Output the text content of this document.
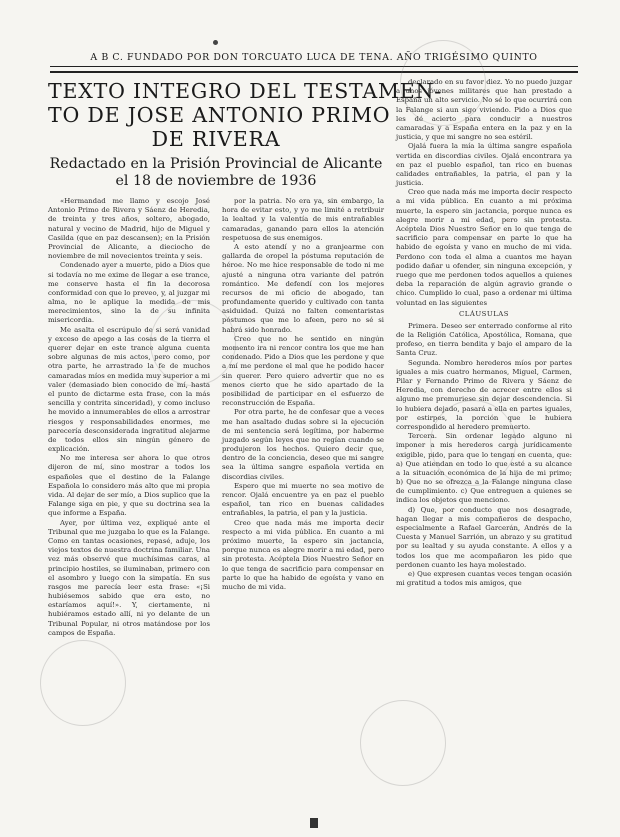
A B C. FUNDADO POR DON TORCUATO LUCA DE TENA. AÑO TRIGÉSIMO QUINTO
TEXTO INTEGRO DEL TESTAMEN-
TO DE JOSE ANTONIO PRIMO
DE RIVERA
Redactado en la Prisión Provincial de Alicante
el 18 de noviembre de 1936

«Hermandad me llamo y escojo José Antonio Primo de Rivera y Sáenz de Heredia, de treinta y tres años, soltero, abogado, natural y vecino de Madrid, hijo de Miguel y Casilda (que en paz descansen); en la Prisión Provincial de Alicante, a dieciocho de noviembre de mil novecientos treinta y seis.

Condenado ayer a muerte, pido a Dios que si todavía no me exime de llegar a ese trance, me conserve hasta el fin la decorosa conformidad con que lo preveo, y, al juzgar mi alma, no le aplique la medida de mis merecimientos, sino la de su infinita misericordia.

Me asalta el escrúpulo de si será vanidad y exceso de apego a las cosas de la tierra el querer dejar en este trance alguna cuenta sobre algunas de mis actos, pero como, por otra parte, he arrastrado la fe de muchos camaradas míos en medida muy superior a mi valer (demasiado bien conocido de mí, hasta el punto de dictarme esta frase, con la más sencilla y contrita sinceridad), y como incluso he movido a innumerables de ellos a arrostrar riesgos y responsabilidades enormes, me parecería desconsiderada ingratitud alejarme de todos ellos sin ningún género de explicación.

No me interesa ser ahora lo que otros dijeron de mí, sino mostrar a todos los españoles que el destino de la Falange Española lo considero más alto que mi propia vida. Al dejar de ser mío, a Dios suplico que la Falange siga en pie, y que su doctrina sea la que informe a España.

Ayer, por última vez, expliqué ante el Tribunal que me juzgaba lo que es la Falange. Como en tantas ocasiones, repasé, aduje, los viejos textos de nuestra doctrina familiar. Una vez más observé que muchísimas caras, al principio hostiles, se iluminaban, primero con el asombro y luego con la simpatía. En sus rasgos me parecía leer esta frase: «¡Si hubiésemos sabido que era esto, no estaríamos aquí!». Y, ciertamente, ni hubiéramos estado allí, ni yo delante de un Tribunal Popular, ni otros matándose por los campos de España.

por la patria. No era ya, sin embargo, la hora de evitar esto, y yo me limité a retribuir la lealtad y la valentía de mis entrañables camaradas, ganando para ellos la atención respetuosa de sus enemigos.

A esto atendí y no a granjearme con gallarda de oropel la póstuma reputación de héroe. No me hice responsable de todo ni me ajusté a ninguna otra variante del patrón romántico. Me defendí con los mejores recursos de mi oficio de abogado, tan profundamente querido y cultivado con tanta asiduidad. Quizá no falten comentaristas póstumos que me lo afeen, pero no sé si habrá sido honrado.

Creo que no he sentido en ningún momento ira ni rencor contra los que me han condenado. Pido a Dios que les perdone y que a mí me perdone el mal que he podido hacer sin querer. Pero quiero advertir que no es menos cierto que he sido apartado de la posibilidad de participar en el esfuerzo de reconstrucción de España.

Por otra parte, he de confesar que a veces me han asaltado dudas sobre si la ejecución de mi sentencia será legítima, por haberme juzgado según leyes que no regían cuando se produjeron los hechos. Quiero decir que, dentro de la conciencia, deseo que mi sangre sea la última sangre española vertida en discordias civiles.

Espero que mi muerte no sea motivo de rencor. Ojalá encuentre ya en paz el pueblo español, tan rico en buenas calidades entrañables, la patria, el pan y la justicia.

Creo que nada más me importa decir respecto a mi vida pública. En cuanto a mi próximo muerte, la espero sin jactancia, porque nunca es alegre morir a mi edad, pero sin protesta. Acéptela Dios Nuestro Señor en lo que tenga de sacrificio para compensar en parte lo que ha habido de egoísta y vano en mucho de mi vida.

declarado en su favor diez. Yo no puedo juzgar a unos jóvenes militares que han prestado a España un alto servicio. No sé lo que ocurrirá con la Falange si aun sigo viviendo. Pido a Dios que les dé acierto para conducir a nuestros camaradas y a España entera en la paz y en la justicia, y que mi sangre no sea estéril.

Ojalá fuera la mía la última sangre española vertida en discordias civiles. Ojalá encontrara ya en paz el pueblo español, tan rico en buenas calidades entrañables, la patria, el pan y la justicia.

Creo que nada más me importa decir respecto a mi vida pública. En cuanto a mi próxima muerte, la espero sin jactancia, porque nunca es alegre morir a mi edad, pero sin protesta. Acéptela Dios Nuestro Señor en lo que tenga de sacrificio para compensar en parte lo que ha habido de egoísta y vano en mucho de mi vida. Perdono con toda el alma a cuantos me hayan podido dañar u ofender, sin ninguna excepción, y ruego que me perdonen todos aquellos a quienes deba la reparación de algún agravio grande o chico. Cumplido lo cual, paso a ordenar mi última voluntad en las siguientes

CLÁUSULAS

Primera. Deseo ser enterrado conforme al rito de la Religión Católica, Apostólica, Romana, que profeso, en tierra bendita y bajo el amparo de la Santa Cruz.

Segunda. Nombro herederos míos por partes iguales a mis cuatro hermanos, Miguel, Carmen, Pilar y Fernando Primo de Rivera y Sáenz de Heredia, con derecho de acrecer entre ellos si alguno me premuriese sin dejar descendencia. Si lo hubiera dejado, pasará a ella en partes iguales, por estirpes, la porción que le hubiera correspondido al heredero premuerto.

Tercera. Sin ordenar legado alguno ni imponer a mis herederos carga jurídicamente exigible, pido, para que lo tengan en cuenta, que: a) Que atiendan en todo lo que esté a su alcance a la situación económica de la hija de mi primo; b) Que no se ofrezca a la Falange ninguna clase de cumplimiento. c) Que entreguen a quienes se indica los objetos que menciono.

d) Que, por conducto que nos desagrade, hagan llegar a mis compañeros de despacho, especialmente a Rafael Garcerán, Andrés de la Cuesta y Manuel Sarrión, un abrazo y su gratitud por su lealtad y su ayuda constante. A ellos y a todos los que me acompañaron les pido que perdonen cuanto les haya molestado.

e) Que expresen cuantas veces tengan ocasión mi gratitud a todos mis amigos, que
